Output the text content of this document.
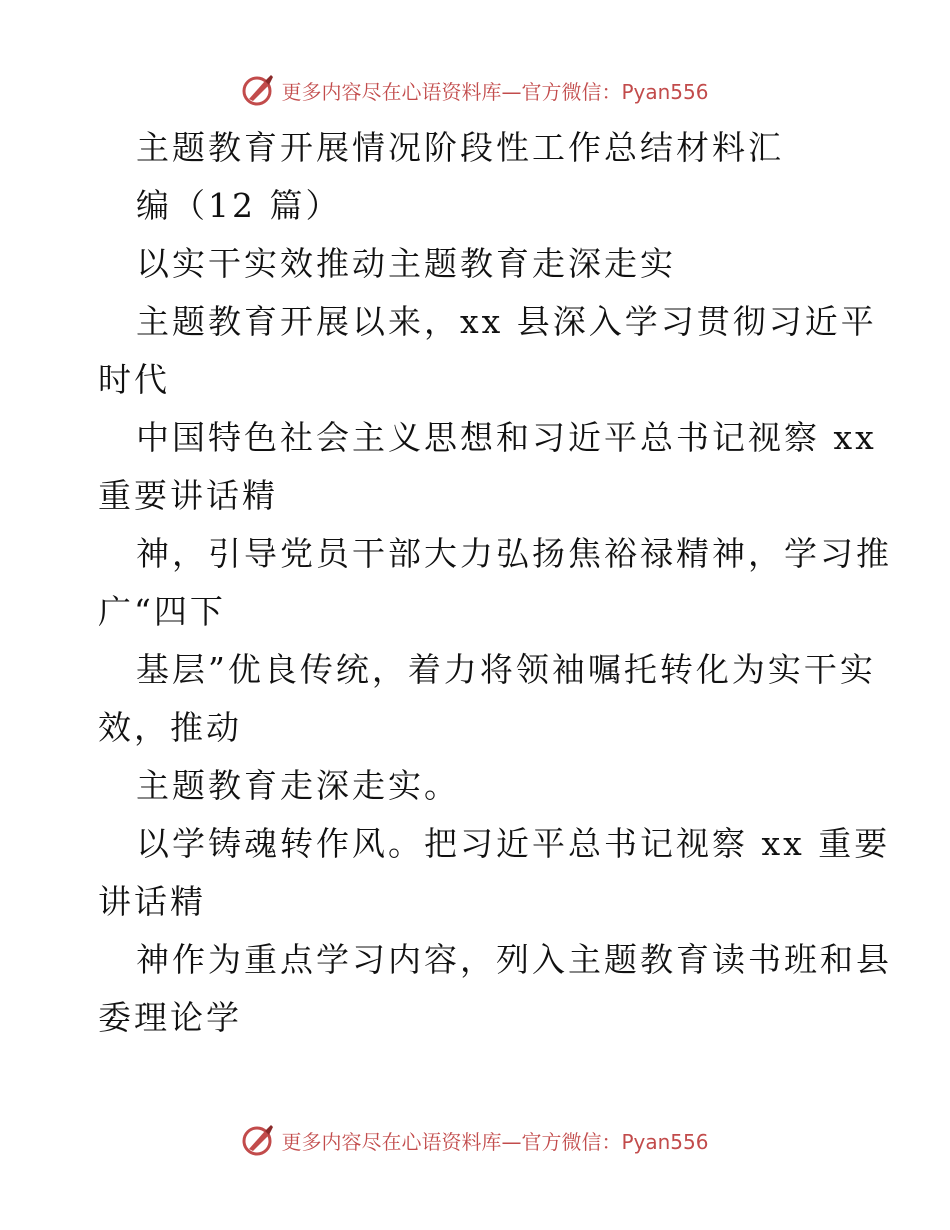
更多内容尽在心语资料库—官方微信：Pyan556
主题教育开展情况阶段性工作总结材料汇
编（12 篇）
以实干实效推动主题教育走深走实
主题教育开展以来，xx 县深入学习贯彻习近平
时代
中国特色社会主义思想和习近平总书记视察 xx
重要讲话精
神，引导党员干部大力弘扬焦裕禄精神，学习推
广“四下
基层”优良传统，着力将领袖嘱托转化为实干实
效，推动
主题教育走深走实。
以学铸魂转作风。把习近平总书记视察 xx 重要
讲话精
神作为重点学习内容，列入主题教育读书班和县
委理论学
更多内容尽在心语资料库—官方微信：Pyan556
